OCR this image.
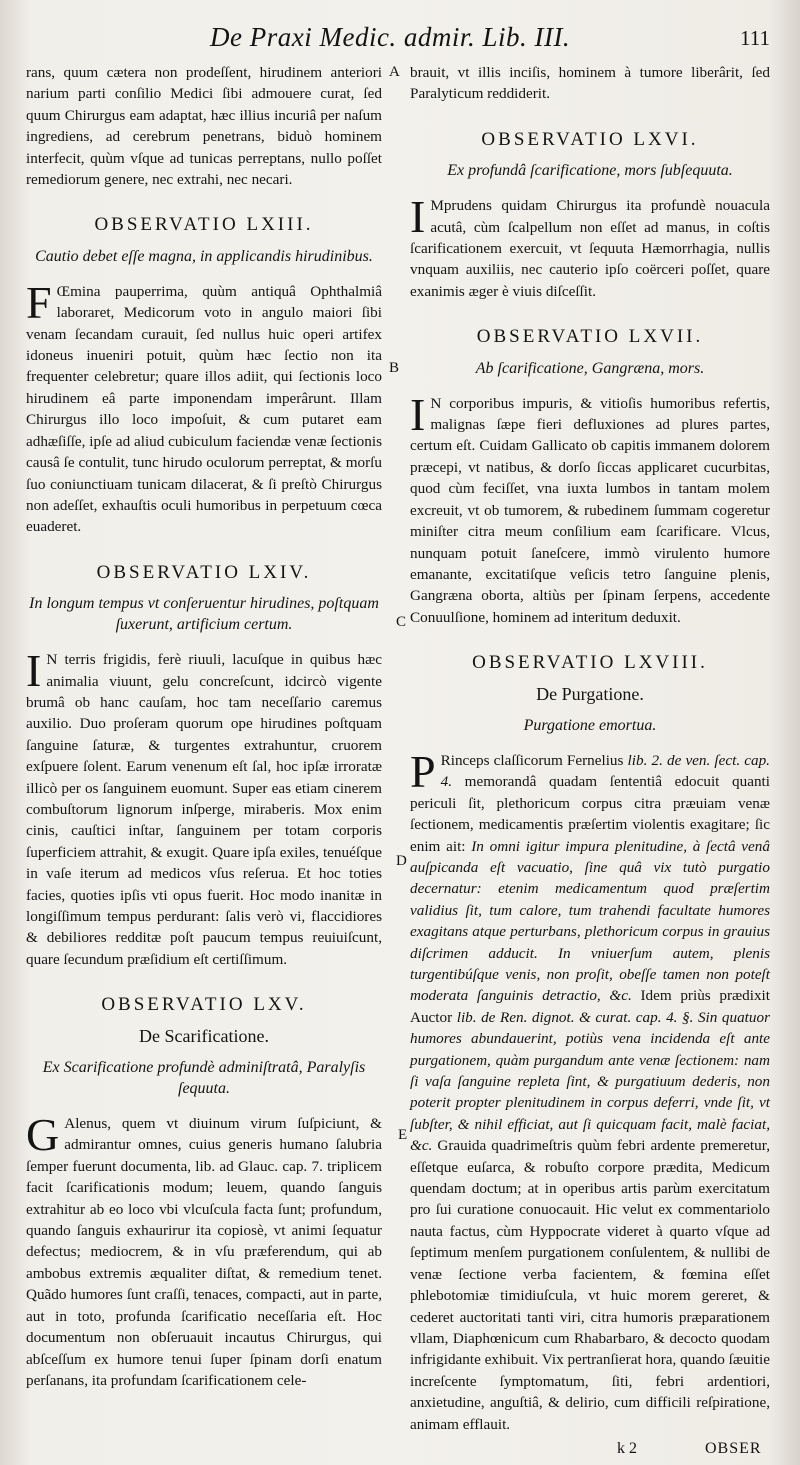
De Praxi Medic. admir. Lib. III.	111
A
B
C
D
E

rans, quum cætera non prodeſſent, hirudinem anteriori narium parti conſilio Medici ſibi admouere curat, ſed quum Chirurgus eam adaptat, hæc illius incuriâ per naſum ingrediens, ad cerebrum penetrans, biduò hominem interfecit, quùm vſque ad tunicas perreptans, nullo poſſet remediorum genere, nec extrahi, nec necari.

OBSERVATIO LXIII.
Cautio debet eſſe magna, in applicandis hirudinibus.

F Œmina pauperrima, quùm antiquâ Ophthalmiâ laboraret, Medicorum voto in angulo maiori ſibi venam ſecandam curauit, ſed nullus huic operi artifex idoneus inueniri potuit, quùm hæc ſectio non ita frequenter celebretur; quare illos adiit, qui ſectionis loco hirudinem eâ parte imponendam imperârunt. Illam Chirurgus illo loco impoſuit, & cum putaret eam adhæſiſſe, ipſe ad aliud cubiculum faciendæ venæ ſectionis causâ ſe contulit, tunc hirudo oculorum perreptat, & morſu ſuo coniunctiuam tunicam dilacerat, & ſi preſtò Chirurgus non adeſſet, exhauſtis oculi humoribus in perpetuum cœca euaderet.

OBSERVATIO LXIV.
In longum tempus vt conſeruentur hirudines, poſtquam ſuxerunt, artificium certum.

I N terris frigidis, ferè riuuli, lacuſque in quibus hæc animalia viuunt, gelu concreſcunt, idcircò vigente brumâ ob hanc cauſam, hoc tam neceſſario caremus auxilio. Duo proſeram quorum ope hirudines poſtquam ſanguine ſaturæ, & turgentes extrahuntur, cruorem exſpuere ſolent. Earum venenum eſt ſal, hoc ipſæ irroratæ illicò per os ſanguinem euomunt. Super eas etiam cinerem combuſtorum lignorum inſperge, miraberis. Mox enim cinis, cauſtici inſtar, ſanguinem per totam corporis ſuperficiem attrahit, & exugit. Quare ipſa exiles, tenuéſque in vaſe iterum ad medicos vſus reſerua. Et hoc toties facies, quoties ipſis vti opus fuerit. Hoc modo inanitæ in longiſſimum tempus perdurant: ſalis verò vi, flaccidiores & debiliores redditæ poſt paucum tempus reuiuiſcunt, quare ſecundum præſidium eſt certiſſimum.

OBSERVATIO LXV.
De Scarificatione.
Ex Scarificatione profundè adminiſtratâ, Paralyſis ſequuta.

G Alenus, quem vt diuinum virum ſuſpiciunt, & admirantur omnes, cuius generis humano ſalubria ſemper fuerunt documenta, lib. ad Glauc. cap. 7. triplicem facit ſcarificationis modum; leuem, quando ſanguis extrahitur ab eo loco vbi vlcuſcula facta ſunt; profundum, quando ſanguis exhaurirur ita copiosè, vt animi ſequatur defectus; mediocrem, & in vſu præferendum, qui ab ambobus extremis æqualiter diſtat, & remedium tenet. Quãdo humores ſunt craſſi, tenaces, compacti, aut in parte, aut in toto, profunda ſcarificatio neceſſaria eſt. Hoc documentum non obſeruauit incautus Chirurgus, qui abſceſſum ex humore tenui ſuper ſpinam dorſi enatum perſanans, ita profundam ſcarificationem cele-

brauit, vt illis inciſis, hominem à tumore liberârit, ſed Paralyticum reddiderit.

OBSERVATIO LXVI.
Ex profundâ ſcarificatione, mors ſubſequuta.

I Mprudens quidam Chirurgus ita profundè nouacula acutâ, cùm ſcalpellum non eſſet ad manus, in coſtis ſcarificationem exercuit, vt ſequuta Hæmorrhagia, nullis vnquam auxiliis, nec cauterio ipſo coërceri poſſet, quare exanimis æger è viuis diſceſſit.

OBSERVATIO LXVII.
Ab ſcarificatione, Gangræna, mors.

I N corporibus impuris, & vitioſis humoribus refertis, malignas ſæpe fieri defluxiones ad plures partes, certum eſt. Cuidam Gallicato ob capitis immanem dolorem præcepi, vt natibus, & dorſo ſiccas applicaret cucurbitas, quod cùm feciſſet, vna iuxta lumbos in tantam molem excreuit, vt ob tumorem, & rubedinem ſummam cogeretur miniſter citra meum conſilium eam ſcarificare. Vlcus, nunquam potuit ſaneſcere, immò virulento humore emanante, excitatiſque veſicis tetro ſanguine plenis, Gangræna oborta, altiùs per ſpinam ſerpens, accedente Conuulſione, hominem ad interitum deduxit.

OBSERVATIO LXVIII.
De Purgatione.
Purgatione emortua.

P Rinceps claſſicorum Fernelius lib. 2. de ven. ſect. cap. 4. memorandâ quadam ſententiâ edocuit quanti periculi ſit, plethoricum corpus citra præuiam venæ ſectionem, medicamentis præſertim violentis exagitare; ſic enim ait: In omni igitur impura plenitudine, à ſectâ venâ auſpicanda eſt vacuatio, ſine quâ vix tutò purgatio decernatur: etenim medicamentum quod præſertim validius ſit, tum calore, tum trahendi facultate humores exagitans atque perturbans, plethoricum corpus in grauius diſcrimen adducit. In vniuerſum autem, plenis turgentibúſque venis, non proſit, obeſſe tamen non poteſt moderata ſanguinis detractio, &c. Idem priùs prædixit Auctor lib. de Ren. dignot. & curat. cap. 4. §. Sin quatuor humores abundauerint, potiùs vena incidenda eſt ante purgationem, quàm purgandum ante venæ ſectionem: nam ſi vaſa ſanguine repleta ſint, & purgatiuum dederis, non poterit propter plenitudinem in corpus deferri, vnde ſit, vt ſubſter, & nihil efficiat, aut ſi quicquam facit, malè faciat, &c. Grauida quadrimeſtris quùm febri ardente premeretur, eſſetque euſarca, & robuſto corpore prædita, Medicum quendam doctum; at in operibus artis parùm exercitatum pro ſui curatione conuocauit. Hic velut ex commentariolo nauta factus, cùm Hyppocrate videret à quarto vſque ad ſeptimum menſem purgationem conſulentem, & nullibi de venæ ſectione verba facientem, & fœmina eſſet phlebotomiæ timidiuſcula, vt huic morem gereret, & cederet auctoritati tanti viri, citra humoris præparationem vllam, Diaphœnicum cum Rhabarbaro, & decocto quodam infrigidante exhibuit. Vix pertranſierat hora, quando ſæuitie increſcente ſymptomatum, ſiti, febri ardentiori, anxietudine, anguſtiâ, & delirio, cum difficili reſpiratione, animam efflauit.

k 2	OBSER
